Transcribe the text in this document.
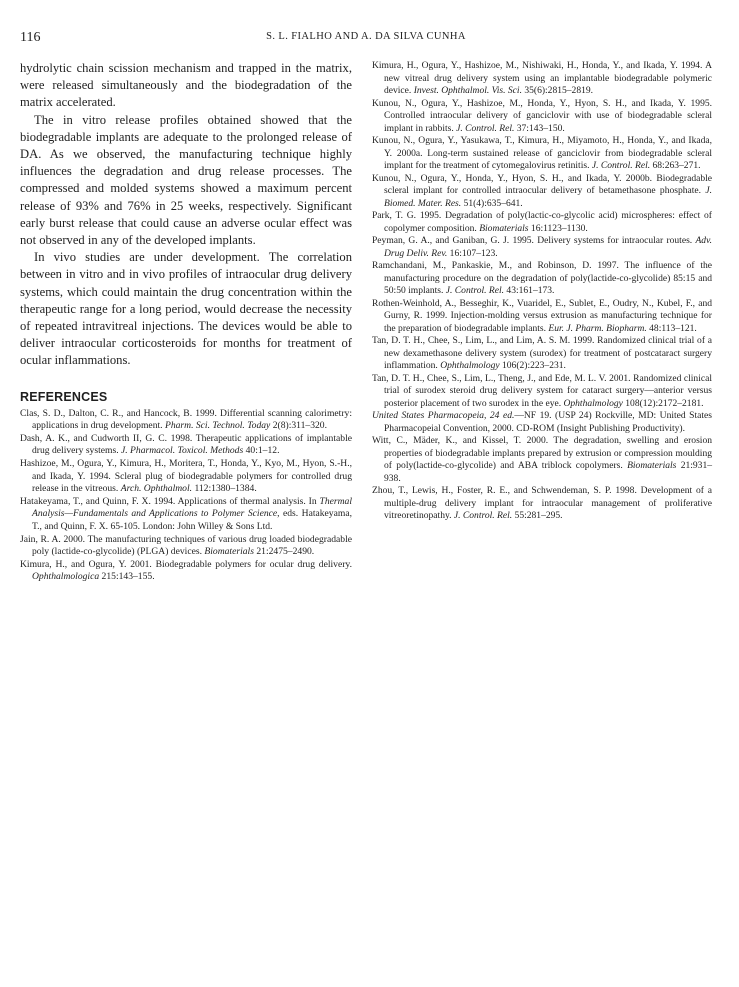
116	S. L. FIALHO AND A. DA SILVA CUNHA

hydrolytic chain scission mechanism and trapped in the matrix, were released simultaneously and the biodegradation of the matrix accelerated.

The in vitro release profiles obtained showed that the biodegradable implants are adequate to the prolonged release of DA. As we observed, the manufacturing technique highly influences the degradation and drug release processes. The compressed and molded systems showed a maximum percent release of 93% and 76% in 25 weeks, respectively. Significant early burst release that could cause an adverse ocular effect was not observed in any of the developed implants.

In vivo studies are under development. The correlation between in vitro and in vivo profiles of intraocular drug delivery systems, which could maintain the drug concentration within the therapeutic range for a long period, would decrease the necessity of repeated intravitreal injections. The devices would be able to deliver intraocular corticosteroids for months for treatment of ocular inflammations.

REFERENCES
Clas, S. D., Dalton, C. R., and Hancock, B. 1999. Differential scanning calorimetry: applications in drug development. Pharm. Sci. Technol. Today 2(8):311–320.
Dash, A. K., and Cudworth II, G. C. 1998. Therapeutic applications of implantable drug delivery systems. J. Pharmacol. Toxicol. Methods 40:1–12.
Hashizoe, M., Ogura, Y., Kimura, H., Moritera, T., Honda, Y., Kyo, M., Hyon, S.-H., and Ikada, Y. 1994. Scleral plug of biodegradable polymers for controlled drug release in the vitreous. Arch. Ophthalmol. 112:1380–1384.
Hatakeyama, T., and Quinn, F. X. 1994. Applications of thermal analysis. In Thermal Analysis—Fundamentals and Applications to Polymer Science, eds. Hatakeyama, T., and Quinn, F. X. 65-105. London: John Willey & Sons Ltd.
Jain, R. A. 2000. The manufacturing techniques of various drug loaded biodegradable poly (lactide-co-glycolide) (PLGA) devices. Biomaterials 21:2475–2490.
Kimura, H., and Ogura, Y. 2001. Biodegradable polymers for ocular drug delivery. Ophthalmologica 215:143–155.
Kimura, H., Ogura, Y., Hashizoe, M., Nishiwaki, H., Honda, Y., and Ikada, Y. 1994. A new vitreal drug delivery system using an implantable biodegradable polymeric device. Invest. Ophthalmol. Vis. Sci. 35(6):2815–2819.
Kunou, N., Ogura, Y., Hashizoe, M., Honda, Y., Hyon, S. H., and Ikada, Y. 1995. Controlled intraocular delivery of ganciclovir with use of biodegradable scleral implant in rabbits. J. Control. Rel. 37:143–150.
Kunou, N., Ogura, Y., Yasukawa, T., Kimura, H., Miyamoto, H., Honda, Y., and Ikada, Y. 2000a. Long-term sustained release of ganciclovir from biodegradable scleral implant for the treatment of cytomegalovirus retinitis. J. Control. Rel. 68:263–271.
Kunou, N., Ogura, Y., Honda, Y., Hyon, S. H., and Ikada, Y. 2000b. Biodegradable scleral implant for controlled intraocular delivery of betamethasone phosphate. J. Biomed. Mater. Res. 51(4):635–641.
Park, T. G. 1995. Degradation of poly(lactic-co-glycolic acid) microspheres: effect of copolymer composition. Biomaterials 16:1123–1130.
Peyman, G. A., and Ganiban, G. J. 1995. Delivery systems for intraocular routes. Adv. Drug Deliv. Rev. 16:107–123.
Ramchandani, M., Pankaskie, M., and Robinson, D. 1997. The influence of the manufacturing procedure on the degradation of poly(lactide-co-glycolide) 85:15 and 50:50 implants. J. Control. Rel. 43:161–173.
Rothen-Weinhold, A., Besseghir, K., Vuaridel, E., Sublet, E., Oudry, N., Kubel, F., and Gurny, R. 1999. Injection-molding versus extrusion as manufacturing technique for the preparation of biodegradable implants. Eur. J. Pharm. Biopharm. 48:113–121.
Tan, D. T. H., Chee, S., Lim, L., and Lim, A. S. M. 1999. Randomized clinical trial of a new dexamethasone delivery system (surodex) for treatment of postcataract surgery inflammation. Ophthalmology 106(2):223–231.
Tan, D. T. H., Chee, S., Lim, L., Theng, J., and Ede, M. L. V. 2001. Randomized clinical trial of surodex steroid drug delivery system for cataract surgery—anterior versus posterior placement of two surodex in the eye. Ophthalmology 108(12):2172–2181.
United States Pharmacopeia, 24 ed.—NF 19. (USP 24) Rockville, MD: United States Pharmacopeial Convention, 2000. CD-ROM (Insight Publishing Productivity).
Witt, C., Mäder, K., and Kissel, T. 2000. The degradation, swelling and erosion properties of biodegradable implants prepared by extrusion or compression moulding of poly(lactide-co-glycolide) and ABA triblock copolymers. Biomaterials 21:931–938.
Zhou, T., Lewis, H., Foster, R. E., and Schwendeman, S. P. 1998. Development of a multiple-drug delivery implant for intraocular management of proliferative vitreoretinopathy. J. Control. Rel. 55:281–295.
